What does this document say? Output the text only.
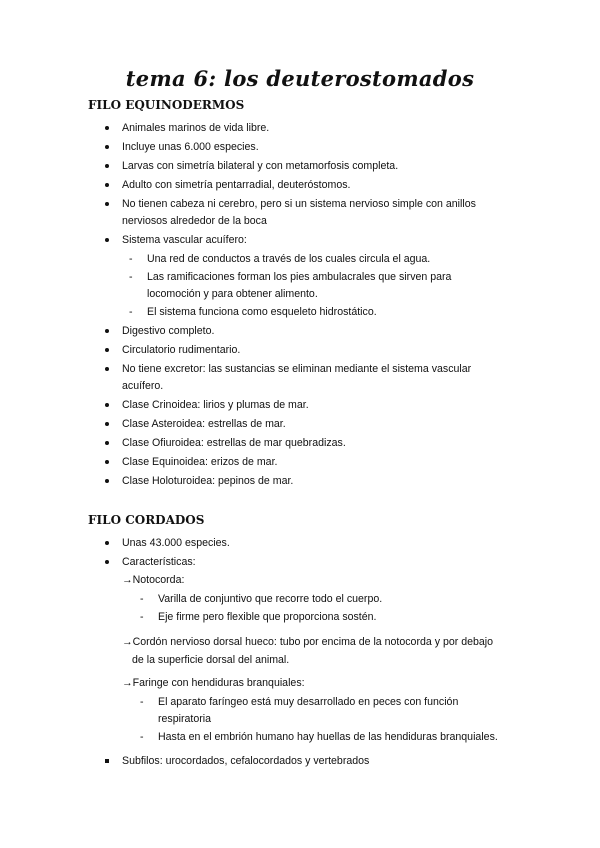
tema 6: los deuterostomados
FILO EQUINODERMOS
Animales marinos de vida libre.
Incluye unas 6.000 especies.
Larvas con simetría bilateral y con metamorfosis completa.
Adulto con simetría pentarradial, deuteróstomos.
No tienen cabeza ni cerebro, pero si un sistema nervioso simple con anillos
nerviosos alrededor de la boca
Sistema vascular acuífero:
- Una red de conductos a través de los cuales circula el agua.
- Las ramificaciones forman los pies ambulacrales que sirven para
locomoción y para obtener alimento.
- El sistema funciona como esqueleto hidrostático.
Digestivo completo.
Circulatorio rudimentario.
No tiene excretor: las sustancias se eliminan mediante el sistema vascular
acuífero.
Clase Crinoidea: lirios y plumas de mar.
Clase Asteroidea: estrellas de mar.
Clase Ofiuroidea: estrellas de mar quebradizas.
Clase Equinoidea: erizos de mar.
Clase Holoturoidea: pepinos de mar.
FILO CORDADOS
Unas 43.000 especies.
Características:
→Notocorda:
- Varilla de conjuntivo que recorre todo el cuerpo.
- Eje firme pero flexible que proporciona sostén.
→Cordón nervioso dorsal hueco: tubo por encima de la notocorda y por debajo
de la superficie dorsal del animal.
→Faringe con hendiduras branquiales:
- El aparato faríngeo está muy desarrollado en peces con función
respiratoria
- Hasta en el embrión humano hay huellas de las hendiduras branquiales.
Subfilos: urocordados, cefalocordados y vertebrados
